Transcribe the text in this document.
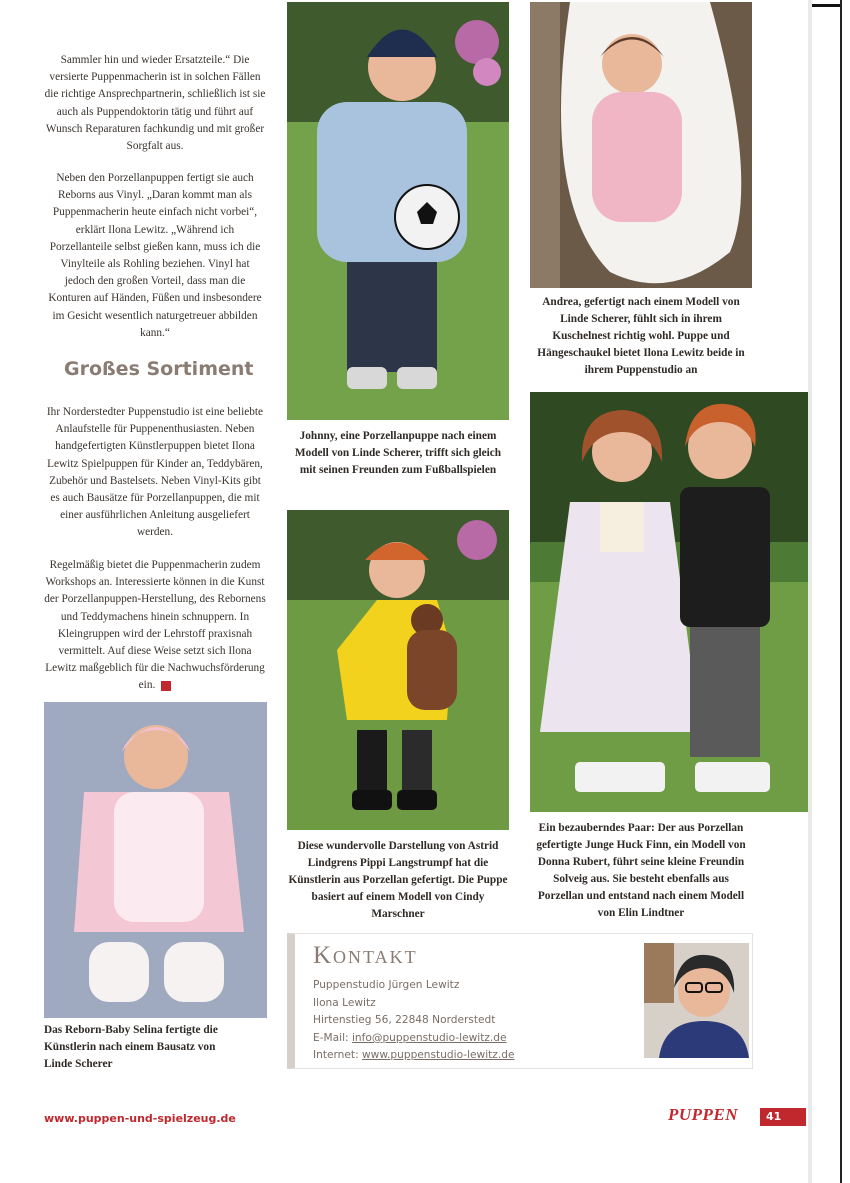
Sammler hin und wieder Ersatzteile.“ Die versierte Puppenmacherin ist in solchen Fällen die richtige Ansprechpartnerin, schließlich ist sie auch als Puppendoktorin tätig und führt auf Wunsch Reparaturen fachkundig und mit großer Sorgfalt aus.

Neben den Porzellanpuppen fertigt sie auch Reborns aus Vinyl. „Daran kommt man als Puppenmacherin heute einfach nicht vorbei“, erklärt Ilona Lewitz. „Während ich Porzellanteile selbst gießen kann, muss ich die Vinylteile als Rohling beziehen. Vinyl hat jedoch den großen Vorteil, dass man die Konturen auf Händen, Füßen und insbesondere im Gesicht wesentlich naturgetreuer abbilden kann.“

Großes Sortiment

Ihr Norderstedter Puppenstudio ist eine beliebte Anlaufstelle für Puppenenthusiasten. Neben handgefertigten Künstlerpuppen bietet Ilona Lewitz Spielpuppen für Kinder an, Teddybären, Zubehör und Bastelsets. Neben Vinyl-Kits gibt es auch Bausätze für Porzellanpuppen, die mit einer ausführlichen Anleitung ausgeliefert werden.

Regelmäßig bietet die Puppenmacherin zudem Workshops an. Interessierte können in die Kunst der Porzellanpuppen-Herstellung, des Rebornens und Teddymachens hinein schnuppern. In Kleingruppen wird der Lehrstoff praxisnah vermittelt. Auf diese Weise setzt sich Ilona Lewitz maßgeblich für die Nachwuchsförderung ein.

Johnny, eine Porzellanpuppe nach einem Modell von Linde Scherer, trifft sich gleich mit seinen Freunden zum Fußballspielen
Andrea, gefertigt nach einem Modell von Linde Scherer, fühlt sich in ihrem Kuschelnest richtig wohl. Puppe und Hängeschaukel bietet Ilona Lewitz beide in ihrem Puppenstudio an
Diese wundervolle Darstellung von Astrid Lindgrens Pippi Langstrumpf hat die Künstlerin aus Porzellan gefertigt. Die Puppe basiert auf einem Modell von Cindy Marschner
Ein bezauberndes Paar: Der aus Porzellan gefertigte Junge Huck Finn, ein Modell von Donna Rubert, führt seine kleine Freundin Solveig aus. Sie besteht ebenfalls aus Porzellan und entstand nach einem Modell von Elin Lindtner
Das Reborn-Baby Selina fertigte die Künstlerin nach einem Bausatz von Linde Scherer
Kontakt
Puppenstudio Jürgen Lewitz
Ilona Lewitz
Hirtenstieg 56, 22848 Norderstedt
E-Mail: info@puppenstudio-lewitz.de
Internet: www.puppenstudio-lewitz.de
www.puppen-und-spielzeug.de	PUPPEN	41
